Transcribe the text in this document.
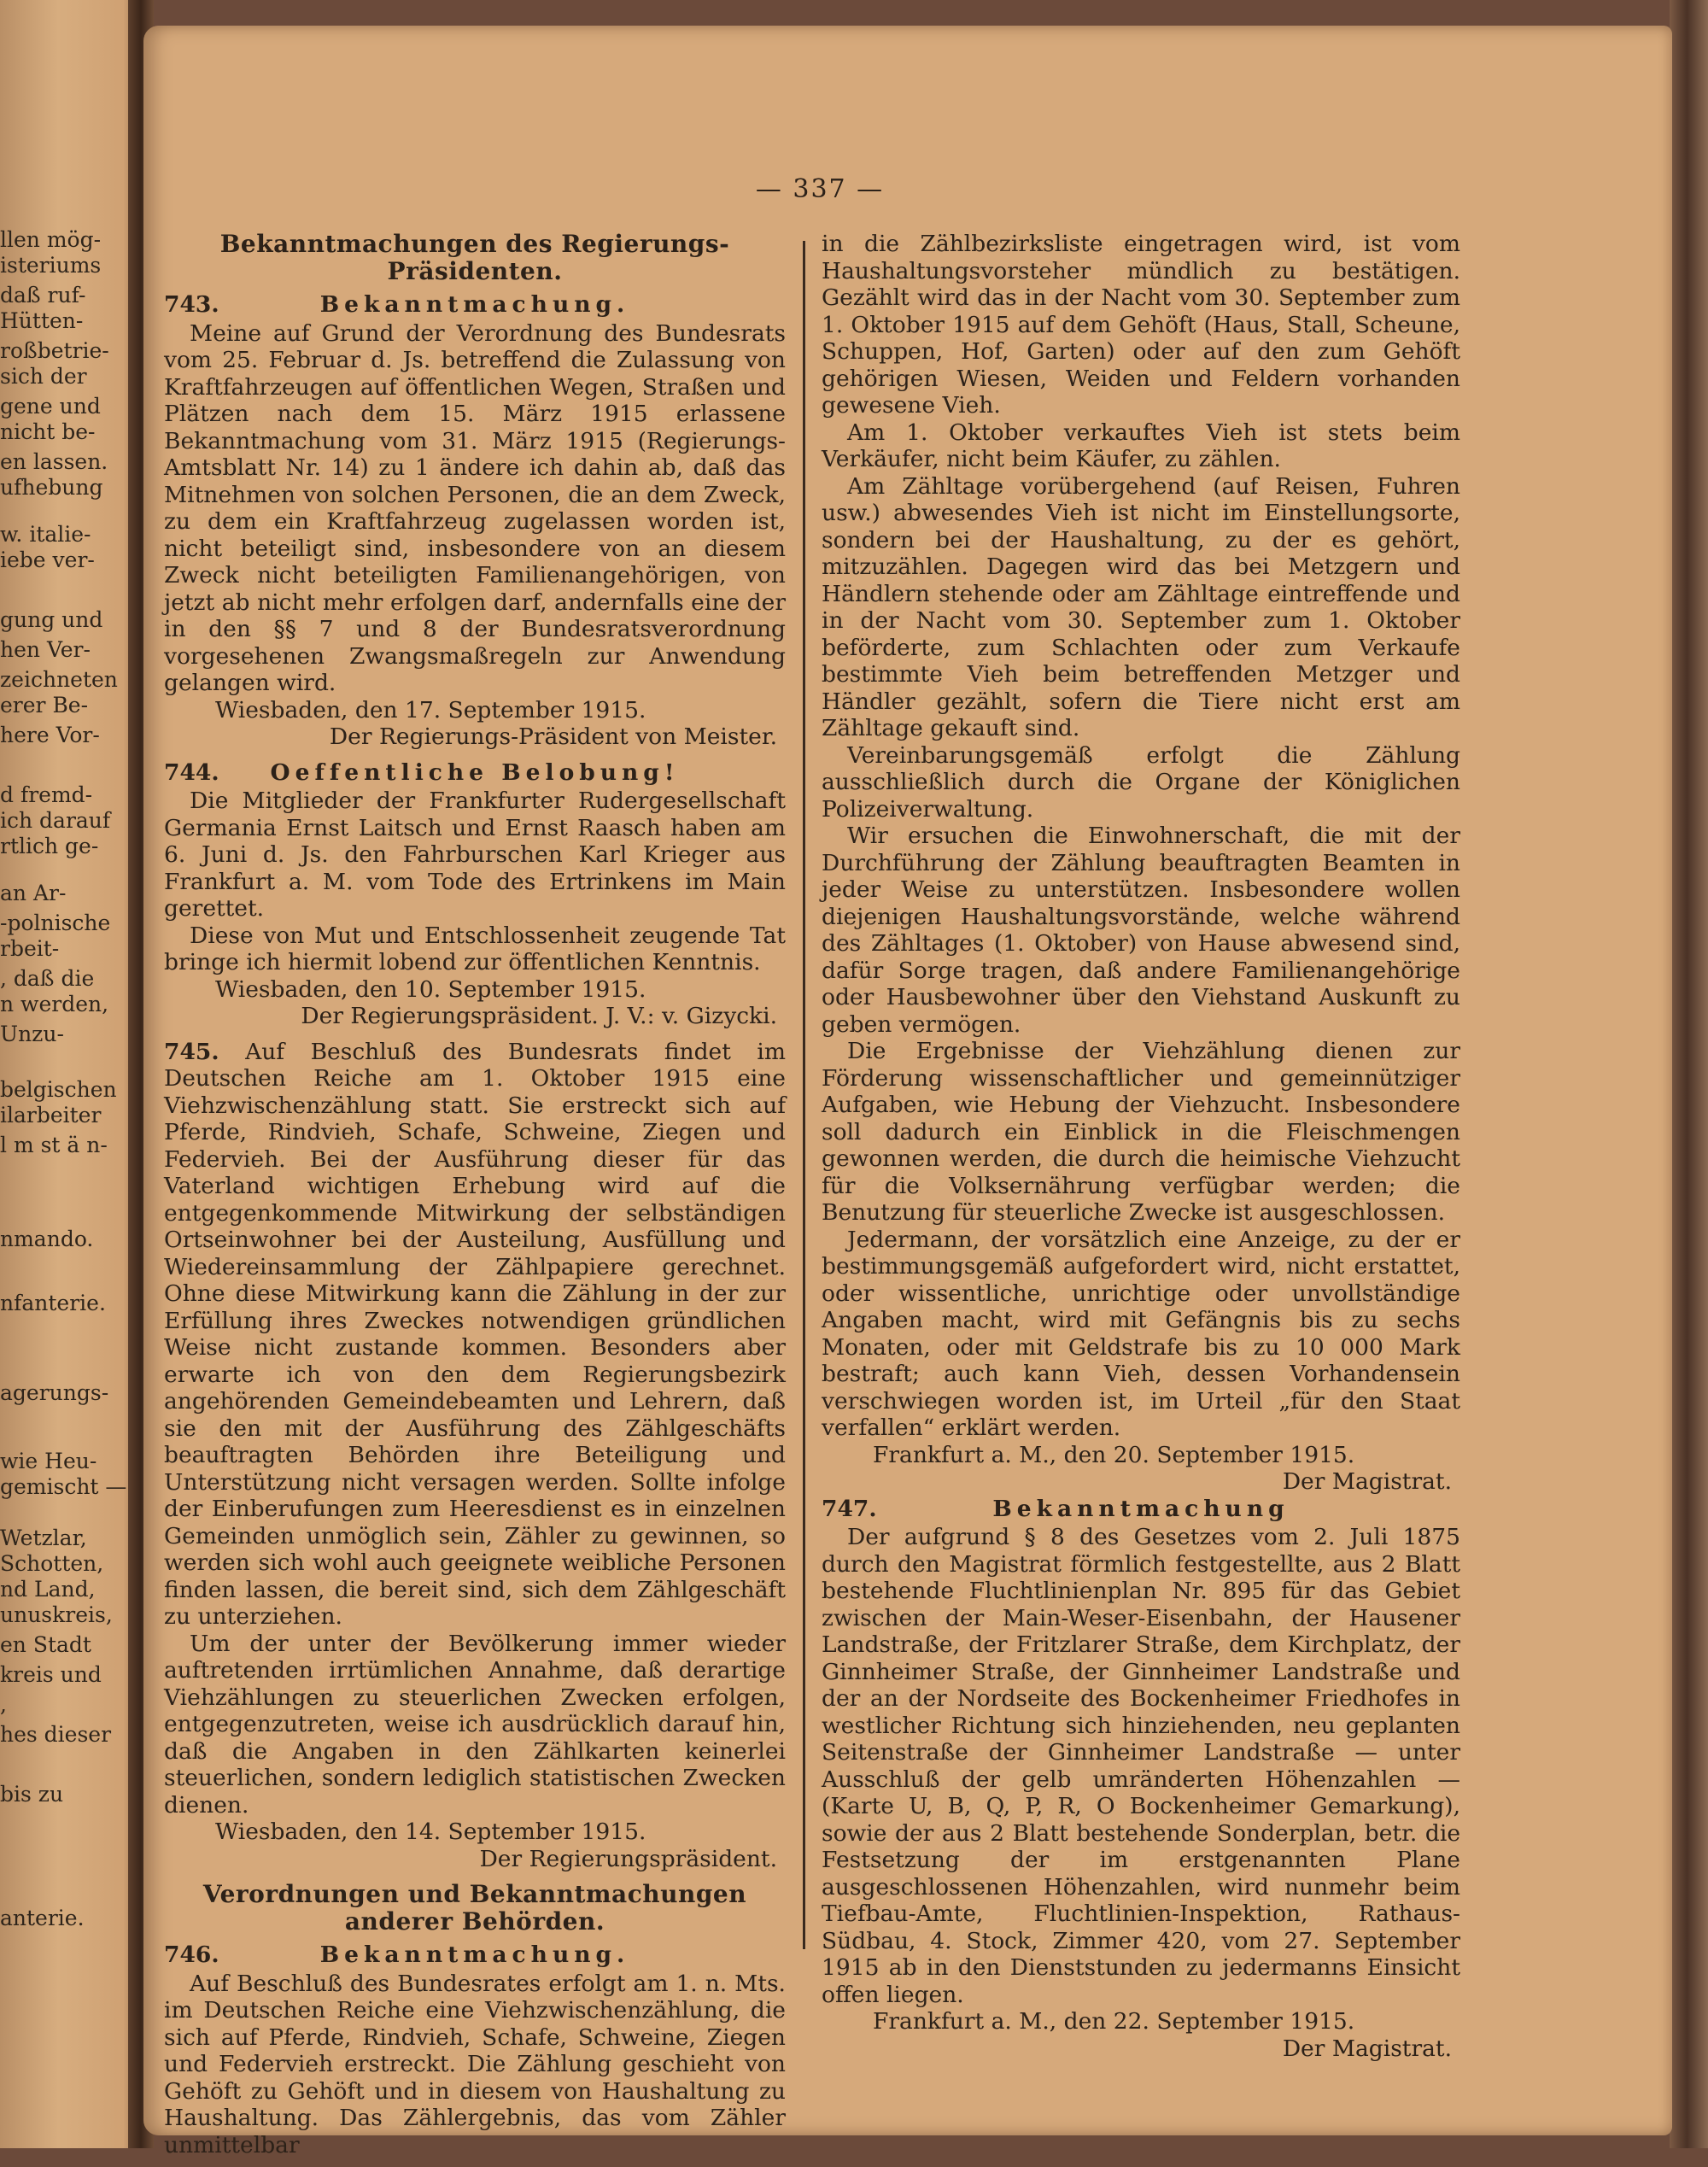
llen mög-
isteriums
daß ruf-
Hütten-
roßbetrie-
sich der
gene und
nicht be-
en lassen.
ufhebung
w. italie-
iebe ver-
gung und
hen Ver-
zeichneten
erer Be-
here Vor-
d fremd-
ich darauf
rtlich ge-
an Ar-
-polnische
rbeit-
, daß die
n werden,
Unzu-
belgischen
ilarbeiter
l m st ä n-
nmando.
nfanterie.
agerungs-
wie Heu-
gemischt —
Wetzlar,
Schotten,
nd Land,
unuskreis,
en Stadt
kreis und
,
hes dieser
bis zu
anterie.
— 337 —
Bekanntmachungen des Regierungs-Präsidenten.
743.	Bekanntmachung.

Meine auf Grund der Verordnung des Bundesrats vom 25. Februar d. Js. betreffend die Zulassung von Kraftfahrzeugen auf öffentlichen Wegen, Straßen und Plätzen nach dem 15. März 1915 erlassene Bekanntmachung vom 31. März 1915 (Regierungs-Amtsblatt Nr. 14) zu 1 ändere ich dahin ab, daß das Mitnehmen von solchen Personen, die an dem Zweck, zu dem ein Kraftfahrzeug zugelassen worden ist, nicht beteiligt sind, insbesondere von an diesem Zweck nicht beteiligten Familienangehörigen, von jetzt ab nicht mehr erfolgen darf, andernfalls eine der in den §§ 7 und 8 der Bundesratsverordnung vorgesehenen Zwangsmaßregeln zur Anwendung gelangen wird.

Wiesbaden, den 17. September 1915.

Der Regierungs-Präsident von Meister.

744. Oeffentliche Belobung!

Die Mitglieder der Frankfurter Rudergesellschaft Germania Ernst Laitsch und Ernst Raasch haben am 6. Juni d. Js. den Fahrburschen Karl Krieger aus Frankfurt a. M. vom Tode des Ertrinkens im Main gerettet.

Diese von Mut und Entschlossenheit zeugende Tat bringe ich hiermit lobend zur öffentlichen Kenntnis.

Wiesbaden, den 10. September 1915.

Der Regierungspräsident. J. V.: v. Gizycki.

745. Auf Beschluß des Bundesrats findet im Deutschen Reiche am 1. Oktober 1915 eine Viehzwischenzählung statt. Sie erstreckt sich auf Pferde, Rindvieh, Schafe, Schweine, Ziegen und Federvieh. Bei der Ausführung dieser für das Vaterland wichtigen Erhebung wird auf die entgegenkommende Mitwirkung der selbständigen Ortseinwohner bei der Austeilung, Ausfüllung und Wiedereinsammlung der Zählpapiere gerechnet. Ohne diese Mitwirkung kann die Zählung in der zur Erfüllung ihres Zweckes notwendigen gründlichen Weise nicht zustande kommen. Besonders aber erwarte ich von den dem Regierungsbezirk angehörenden Gemeindebeamten und Lehrern, daß sie den mit der Ausführung des Zählgeschäfts beauftragten Behörden ihre Beteiligung und Unterstützung nicht versagen werden. Sollte infolge der Einberufungen zum Heeresdienst es in einzelnen Gemeinden unmöglich sein, Zähler zu gewinnen, so werden sich wohl auch geeignete weibliche Personen finden lassen, die bereit sind, sich dem Zählgeschäft zu unterziehen.

Um der unter der Bevölkerung immer wieder auftretenden irrtümlichen Annahme, daß derartige Viehzählungen zu steuerlichen Zwecken erfolgen, entgegenzutreten, weise ich ausdrücklich darauf hin, daß die Angaben in den Zählkarten keinerlei steuerlichen, sondern lediglich statistischen Zwecken dienen.

Wiesbaden, den 14. September 1915.

Der Regierungspräsident.

Verordnungen und Bekanntmachungen anderer Behörden.
746.	Bekanntmachung.

Auf Beschluß des Bundesrates erfolgt am 1. n. Mts. im Deutschen Reiche eine Viehzwischenzählung, die sich auf Pferde, Rindvieh, Schafe, Schweine, Ziegen und Federvieh erstreckt. Die Zählung geschieht von Gehöft zu Gehöft und in diesem von Haushaltung zu Haushaltung. Das Zählergebnis, das vom Zähler unmittelbar

in die Zählbezirksliste eingetragen wird, ist vom Haushaltungsvorsteher mündlich zu bestätigen. Gezählt wird das in der Nacht vom 30. September zum 1. Oktober 1915 auf dem Gehöft (Haus, Stall, Scheune, Schuppen, Hof, Garten) oder auf den zum Gehöft gehörigen Wiesen, Weiden und Feldern vorhanden gewesene Vieh.

Am 1. Oktober verkauftes Vieh ist stets beim Verkäufer, nicht beim Käufer, zu zählen.

Am Zähltage vorübergehend (auf Reisen, Fuhren usw.) abwesendes Vieh ist nicht im Einstellungsorte, sondern bei der Haushaltung, zu der es gehört, mitzuzählen. Dagegen wird das bei Metzgern und Händlern stehende oder am Zähltage eintreffende und in der Nacht vom 30. September zum 1. Oktober beförderte, zum Schlachten oder zum Verkaufe bestimmte Vieh beim betreffenden Metzger und Händler gezählt, sofern die Tiere nicht erst am Zähltage gekauft sind.

Vereinbarungsgemäß erfolgt die Zählung ausschließlich durch die Organe der Königlichen Polizeiverwaltung.

Wir ersuchen die Einwohnerschaft, die mit der Durchführung der Zählung beauftragten Beamten in jeder Weise zu unterstützen. Insbesondere wollen diejenigen Haushaltungsvorstände, welche während des Zähltages (1. Oktober) von Hause abwesend sind, dafür Sorge tragen, daß andere Familienangehörige oder Hausbewohner über den Viehstand Auskunft zu geben vermögen.

Die Ergebnisse der Viehzählung dienen zur Förderung wissenschaftlicher und gemeinnütziger Aufgaben, wie Hebung der Viehzucht. Insbesondere soll dadurch ein Einblick in die Fleischmengen gewonnen werden, die durch die heimische Viehzucht für die Volksernährung verfügbar werden; die Benutzung für steuerliche Zwecke ist ausgeschlossen.

Jedermann, der vorsätzlich eine Anzeige, zu der er bestimmungsgemäß aufgefordert wird, nicht erstattet, oder wissentliche, unrichtige oder unvollständige Angaben macht, wird mit Gefängnis bis zu sechs Monaten, oder mit Geldstrafe bis zu 10 000 Mark bestraft; auch kann Vieh, dessen Vorhandensein verschwiegen worden ist, im Urteil „für den Staat verfallen“ erklärt werden.

Frankfurt a. M., den 20. September 1915.

Der Magistrat.

747.	Bekanntmachung

Der aufgrund § 8 des Gesetzes vom 2. Juli 1875 durch den Magistrat förmlich festgestellte, aus 2 Blatt bestehende Fluchtlinienplan Nr. 895 für das Gebiet zwischen der Main-Weser-Eisenbahn, der Hausener Landstraße, der Fritzlarer Straße, dem Kirchplatz, der Ginnheimer Straße, der Ginnheimer Landstraße und der an der Nordseite des Bockenheimer Friedhofes in westlicher Richtung sich hinziehenden, neu geplanten Seitenstraße der Ginnheimer Landstraße — unter Ausschluß der gelb umränderten Höhenzahlen — (Karte U, B, Q, P, R, O Bockenheimer Gemarkung), sowie der aus 2 Blatt bestehende Sonderplan, betr. die Festsetzung der im erstgenannten Plane ausgeschlossenen Höhenzahlen, wird nunmehr beim Tiefbau-Amte, Fluchtlinien-Inspektion, Rathaus-Südbau, 4. Stock, Zimmer 420, vom 27. September 1915 ab in den Dienststunden zu jedermanns Einsicht offen liegen.

Frankfurt a. M., den 22. September 1915.

Der Magistrat.
